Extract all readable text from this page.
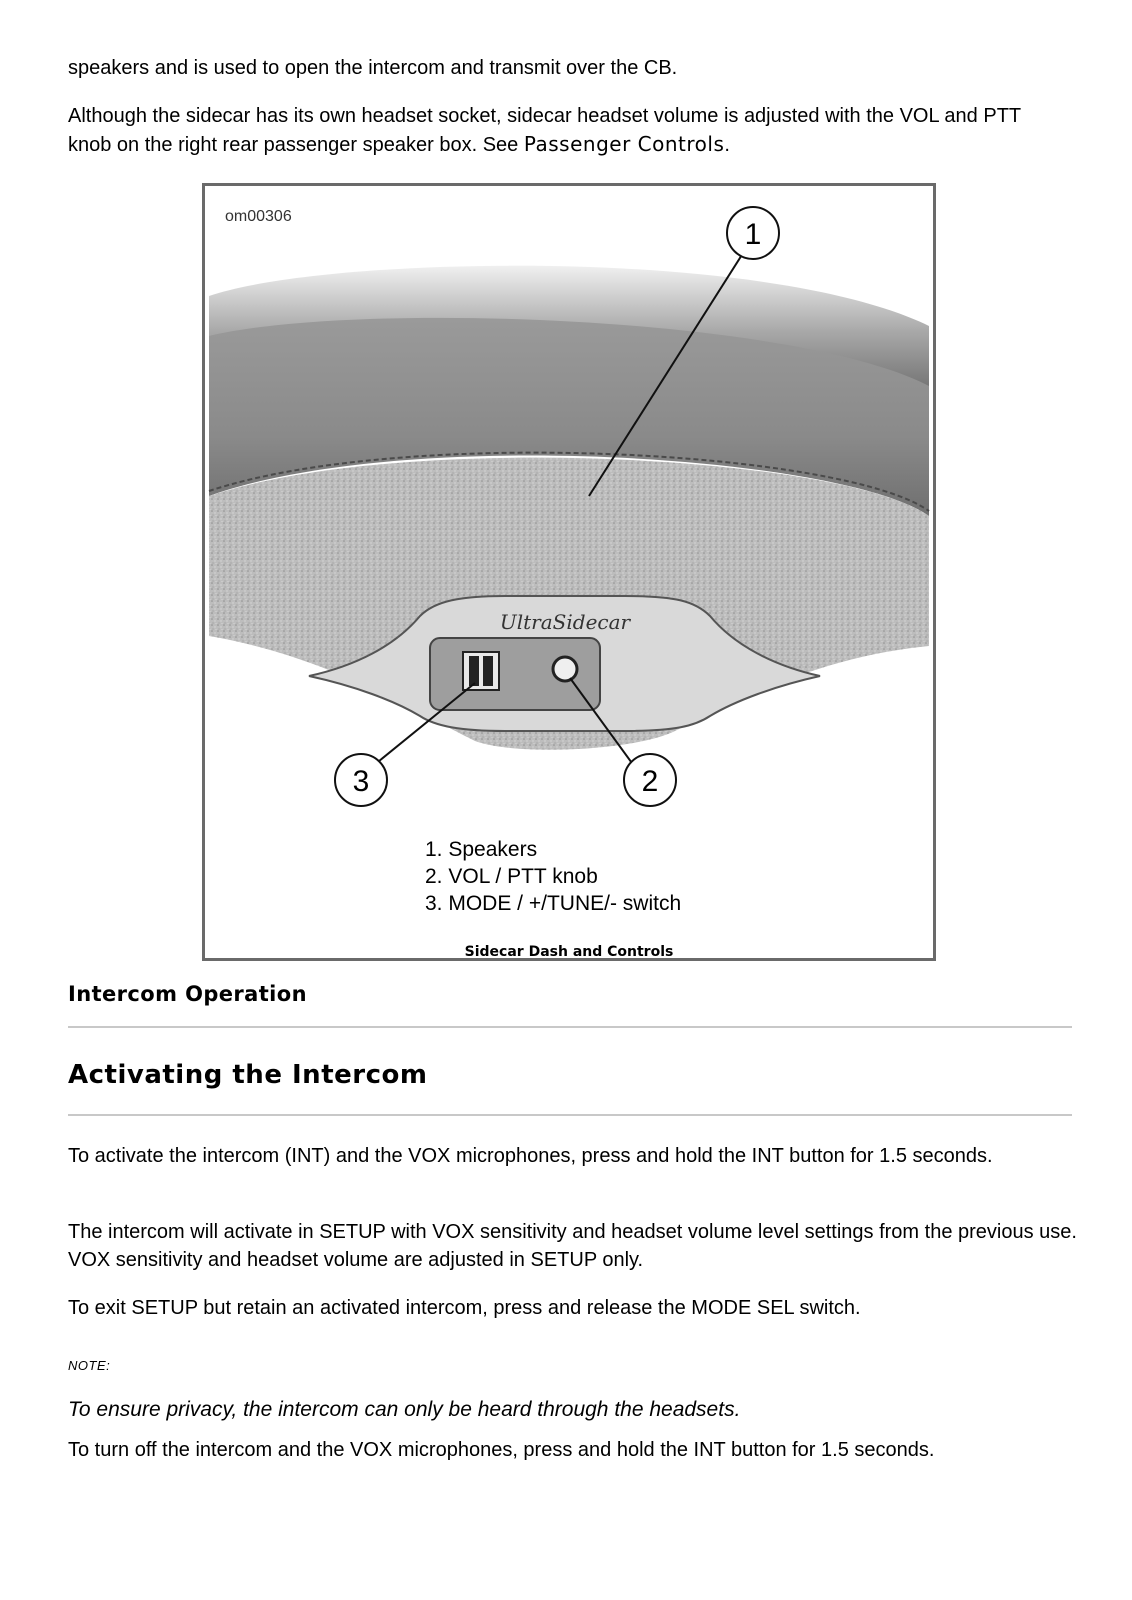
speakers and is used to open the intercom and transmit over the CB.

Although the sidecar has its own headset socket, sidecar headset volume is adjusted with the VOL and PTT knob on the right rear passenger speaker box. See Passenger Controls.

UltraSidecar
1
2
3
om00306
1. Speakers
2. VOL / PTT knob
3. MODE / +/TUNE/- switch
Sidecar Dash and Controls
Intercom Operation
Activating the Intercom

To activate the intercom (INT) and the VOX microphones, press and hold the INT button for 1.5 seconds.

The intercom will activate in SETUP with VOX sensitivity and headset volume level settings from the previous use. VOX sensitivity and headset volume are adjusted in SETUP only.

To exit SETUP but retain an activated intercom, press and release the MODE SEL switch.

NOTE:
To ensure privacy, the intercom can only be heard through the headsets.

To turn off the intercom and the VOX microphones, press and hold the INT button for 1.5 seconds.
